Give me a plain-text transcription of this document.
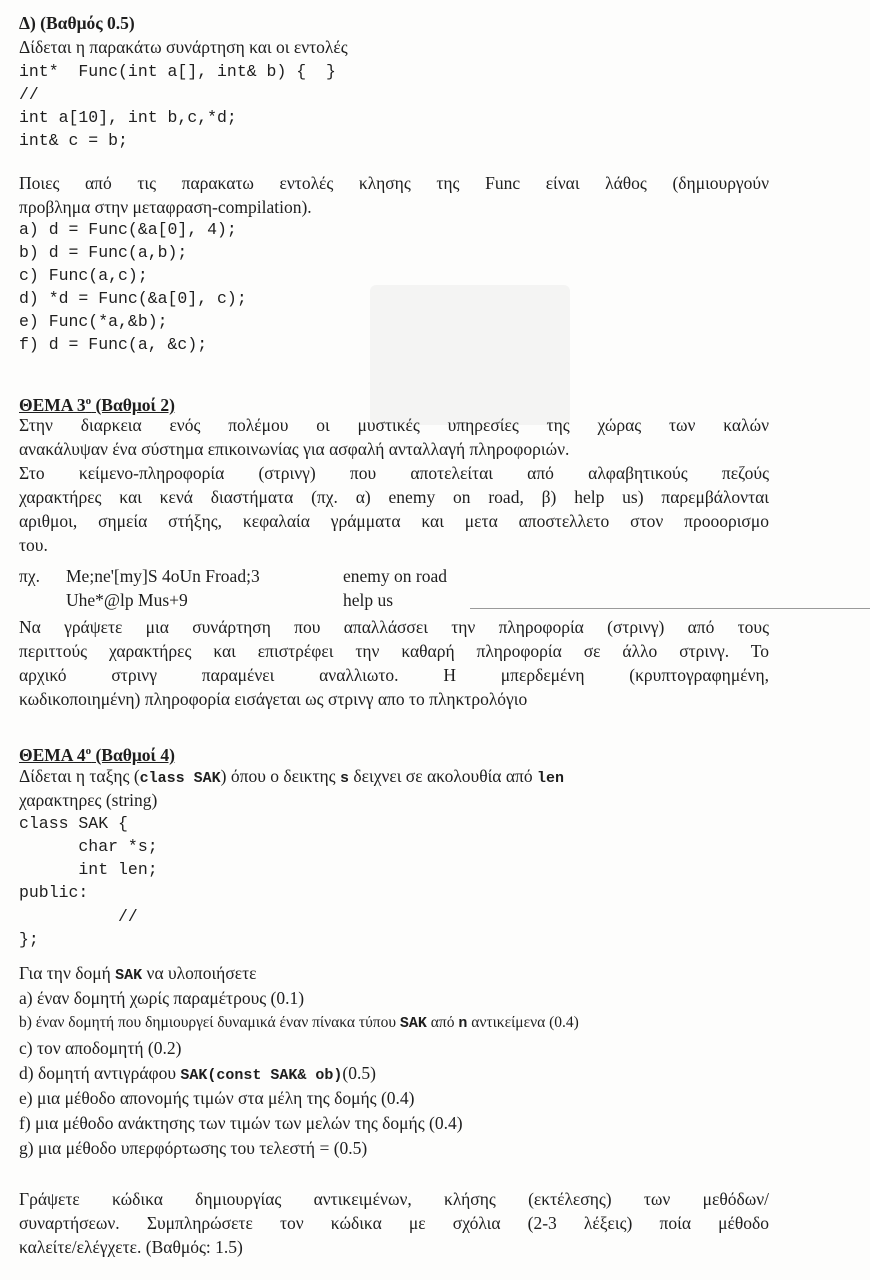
Δ) (Βαθμός 0.5)
Δίδεται η παρακάτω συνάρτηση και οι εντολές
int*  Func(int a[], int& b) {  }
//
int a[10], int b,c,*d;
int& c = b;
Ποιες από τις παρακατω εντολές κλησης της Func είναι λάθος (δημιουργούν
προβλημα στην μεταφραση-compilation).
a) d = Func(&a[0], 4);
b) d = Func(a,b);
c) Func(a,c);
d) *d = Func(&a[0], c);
e) Func(*a,&b);
f) d = Func(a, &c);
ΘΕΜΑ $3^o$ (Βαθμοί 2)
Στην διαρκεια ενός πολέμου οι μυστικές υπηρεσίες της χώρας των καλών
ανακάλυψαν ένα σύστημα επικοινωνίας για ασφαλή ανταλλαγή πληροφοριών.
Στο κείμενο-πληροφορία (στρινγ) που αποτελείται από αλφαβητικούς πεζούς
χαρακτήρες και κενά διαστήματα (πχ. α) enemy on road, β) help us) παρεμβάλονται
αριθμοι, σημεία στήξης, κεφαλαία γράμματα και μετα αποστελλετο στον προοορισμο
του.
πχ. Me;ne'[my]S 4oUn Froad;3	enemy on road
Uhe*@lp Mus+9	help us
Να γράψετε μια συνάρτηση που απαλλάσσει την πληροφορία (στρινγ) από τους
περιττούς χαρακτήρες και επιστρέφει την καθαρή πληροφορία σε άλλο στρινγ. Το
αρχικό στρινγ παραμένει αναλλιωτο. Η μπερδεμένη (κρυπτογραφημένη,
κωδικοποιημένη) πληροφορία εισάγεται ως στρινγ απο το πληκτρολόγιο
ΘΕΜΑ $4^o$ (Βαθμοί 4)
Δίδεται η ταξης (class SAK) όπου ο δεικτης s δειχνει σε ακολουθία από len
χαρακτηρες (string)
class SAK {
char *s;
int len;
public:
//
};
Για την δομή SAK να υλοποιήσετε
a) έναν δομητή χωρίς παραμέτρους (0.1)
b) έναν δομητή που δημιουργεί δυναμικά έναν πίνακα τύπου SAK από n αντικείμενα (0.4)
c) τον αποδομητή (0.2)
d) δομητή αντιγράφου SAK(const SAK& ob)(0.5)
e) μια μέθοδο απονομής τιμών στα μέλη της δομής (0.4)
f) μια μέθοδο ανάκτησης των τιμών των μελών της δομής (0.4)
g) μια μέθοδο υπερφόρτωσης του τελεστή = (0.5)
Γράψετε κώδικα δημιουργίας αντικειμένων, κλήσης (εκτέλεσης) των μεθόδων/
συναρτήσεων. Συμπληρώσετε τον κώδικα με σχόλια (2-3 λέξεις) ποία μέθοδο
καλείτε/ελέγχετε. (Βαθμός: 1.5)
